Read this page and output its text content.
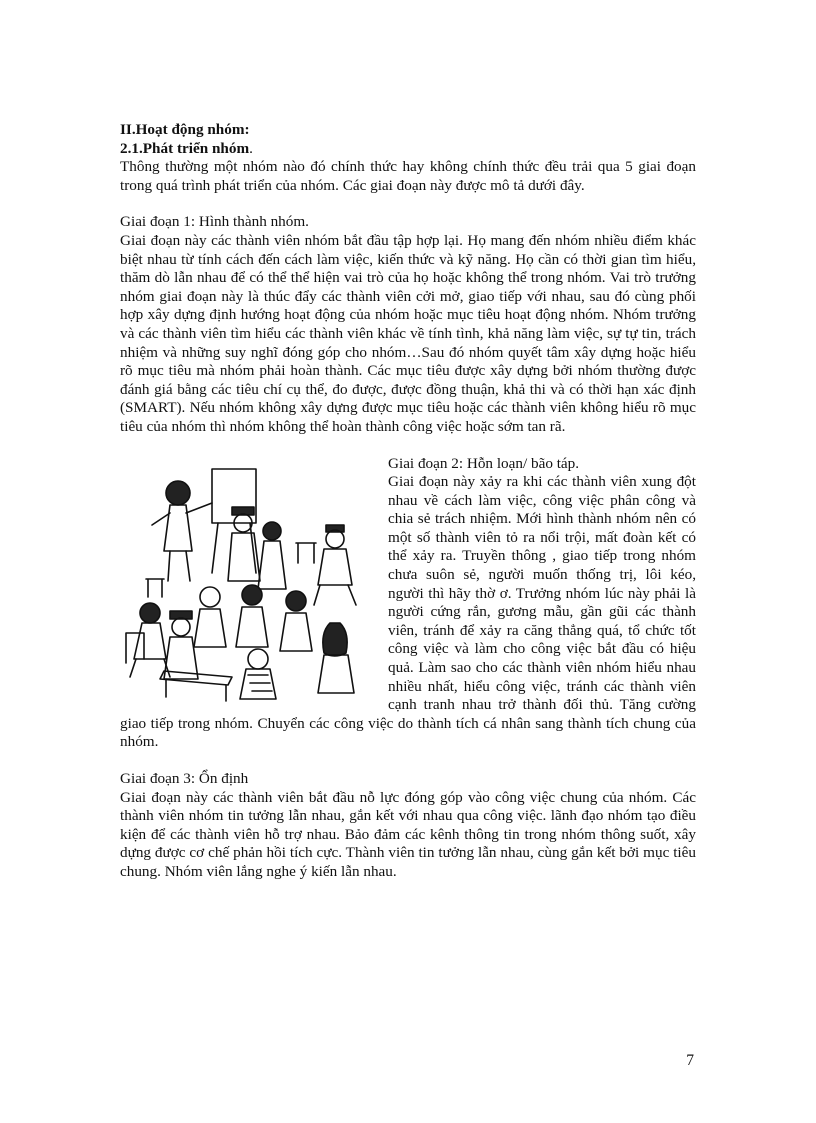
II.Hoạt động nhóm:
2.1.Phát triển nhóm.

Thông thường một nhóm nào đó chính thức hay không chính thức đều trải qua 5 giai đoạn trong quá trình phát triển của nhóm. Các giai đoạn này được mô tả dưới đây.

Giai đoạn 1: Hình thành nhóm.

Giai đoạn này các thành viên nhóm bắt đầu tập hợp lại. Họ mang đến nhóm nhiều điểm khác biệt nhau từ tính cách đến cách làm việc, kiến thức và kỹ năng. Họ cần có thời gian tìm hiểu, thăm dò lẫn nhau để có thể thể hiện vai trò của họ hoặc không thể trong nhóm. Vai trò trưởng nhóm giai đoạn này là thúc đẩy các thành viên cởi mở, giao tiếp với nhau, sau đó cùng phối hợp xây dựng định hướng hoạt động của nhóm hoặc mục tiêu hoạt động nhóm. Nhóm trưởng và các thành viên tìm hiểu các thành viên khác về tính tình, khả năng làm việc, sự tự tin, trách nhiệm và những suy nghĩ đóng góp cho nhóm…Sau đó nhóm quyết tâm xây dựng hoặc hiểu rõ mục tiêu mà nhóm phải hoàn thành. Các mục tiêu được xây dựng bởi nhóm thường được đánh giá bằng các tiêu chí cụ thể, đo được, được đồng thuận, khả thi và có thời hạn xác định (SMART). Nếu nhóm không xây dựng được mục tiêu hoặc các thành viên không hiểu rõ mục tiêu của nhóm thì nhóm không thể hoàn thành công việc hoặc sớm tan rã.

Giai đoạn 2: Hỗn loạn/ bão táp.

Giai đoạn này xảy ra khi các thành viên xung đột nhau về cách làm việc, công việc phân công và chia sẻ trách nhiệm. Mới hình thành nhóm nên có một số thành viên tỏ ra nổi trội, mất đoàn kết có thể xảy ra. Truyền thông , giao tiếp trong nhóm chưa suôn sẻ, người muốn thống trị, lôi kéo, người thì hãy thờ ơ. Trưởng nhóm lúc này phải là người cứng rắn, gương mẫu, gần gũi các thành viên, tránh để xảy ra căng thẳng quá, tổ chức tốt công việc và làm cho công việc bắt đầu có hiệu quả. Làm sao cho các thành viên nhóm hiểu nhau nhiều nhất, hiểu công việc, tránh các thành viên cạnh tranh nhau trở thành đối thủ. Tăng cường giao tiếp trong nhóm. Chuyển các công việc do thành tích cá nhân sang thành tích chung của nhóm.

Giai đoạn 3: Ổn định

Giai đoạn này các thành viên bắt đầu nỗ lực đóng góp vào công việc chung của nhóm. Các thành viên nhóm tin tưởng lẫn nhau, gắn kết với nhau qua công việc. lãnh đạo nhóm tạo điều kiện để các thành viên hỗ trợ nhau. Bảo đảm các kênh thông tin trong nhóm thông suốt, xây dựng được cơ chế phản hồi tích cực. Thành viên tin tưởng lẫn nhau, cùng gắn kết bởi mục tiêu chung. Nhóm viên lắng nghe ý kiến lẫn nhau.

7
